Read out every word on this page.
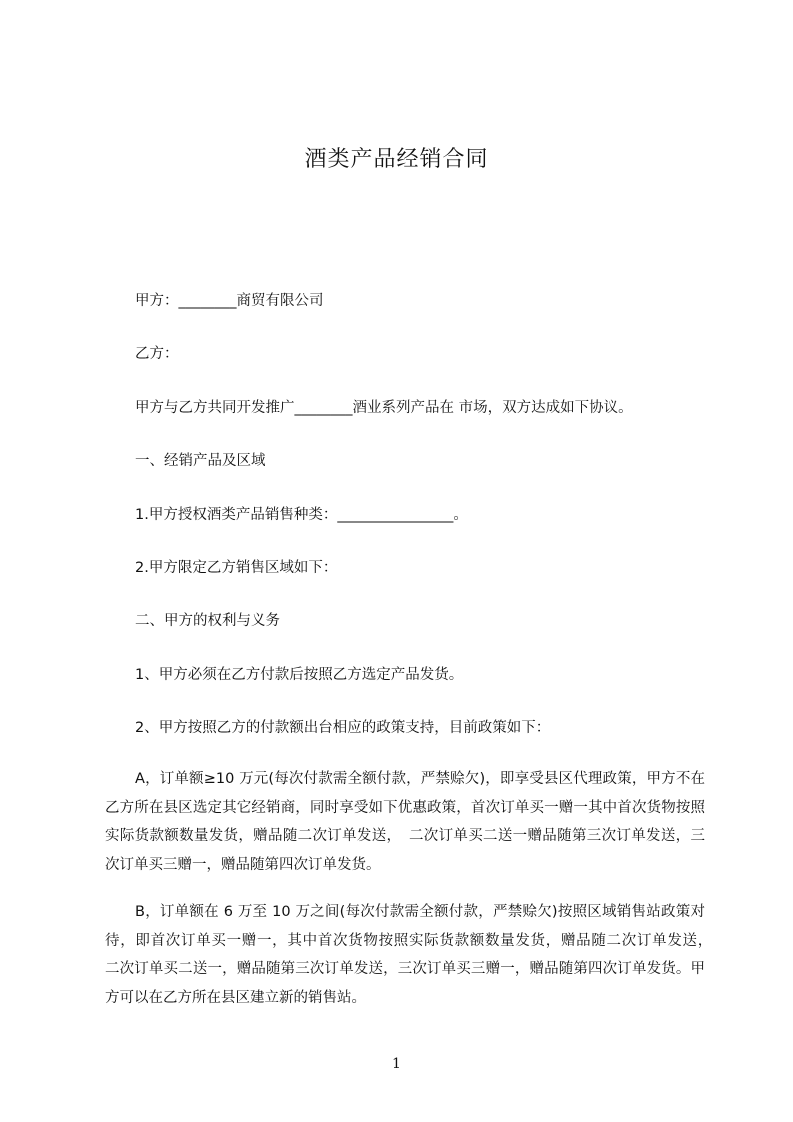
酒类产品经销合同
甲方：________商贸有限公司
乙方：
甲方与乙方共同开发推广________酒业系列产品在 市场，双方达成如下协议。
一、经销产品及区域
1.甲方授权酒类产品销售种类：________________。
2.甲方限定乙方销售区域如下：
二、甲方的权利与义务
1、甲方必须在乙方付款后按照乙方选定产品发货。
2、甲方按照乙方的付款额出台相应的政策支持，目前政策如下：
A，订单额≥10 万元(每次付款需全额付款，严禁赊欠)，即享受县区代理政策，甲方不在乙方所在县区选定其它经销商，同时享受如下优惠政策，首次订单买一赠一其中首次货物按照实际货款额数量发货，赠品随二次订单发送，　二次订单买二送一赠品随第三次订单发送，三次订单买三赠一，赠品随第四次订单发货。
B，订单额在 6 万至 10 万之间(每次付款需全额付款，严禁赊欠)按照区域销售站政策对待，即首次订单买一赠一，其中首次货物按照实际货款额数量发货，赠品随二次订单发送，　二次订单买二送一，赠品随第三次订单发送，三次订单买三赠一，赠品随第四次订单发货。甲方可以在乙方所在县区建立新的销售站。
1
